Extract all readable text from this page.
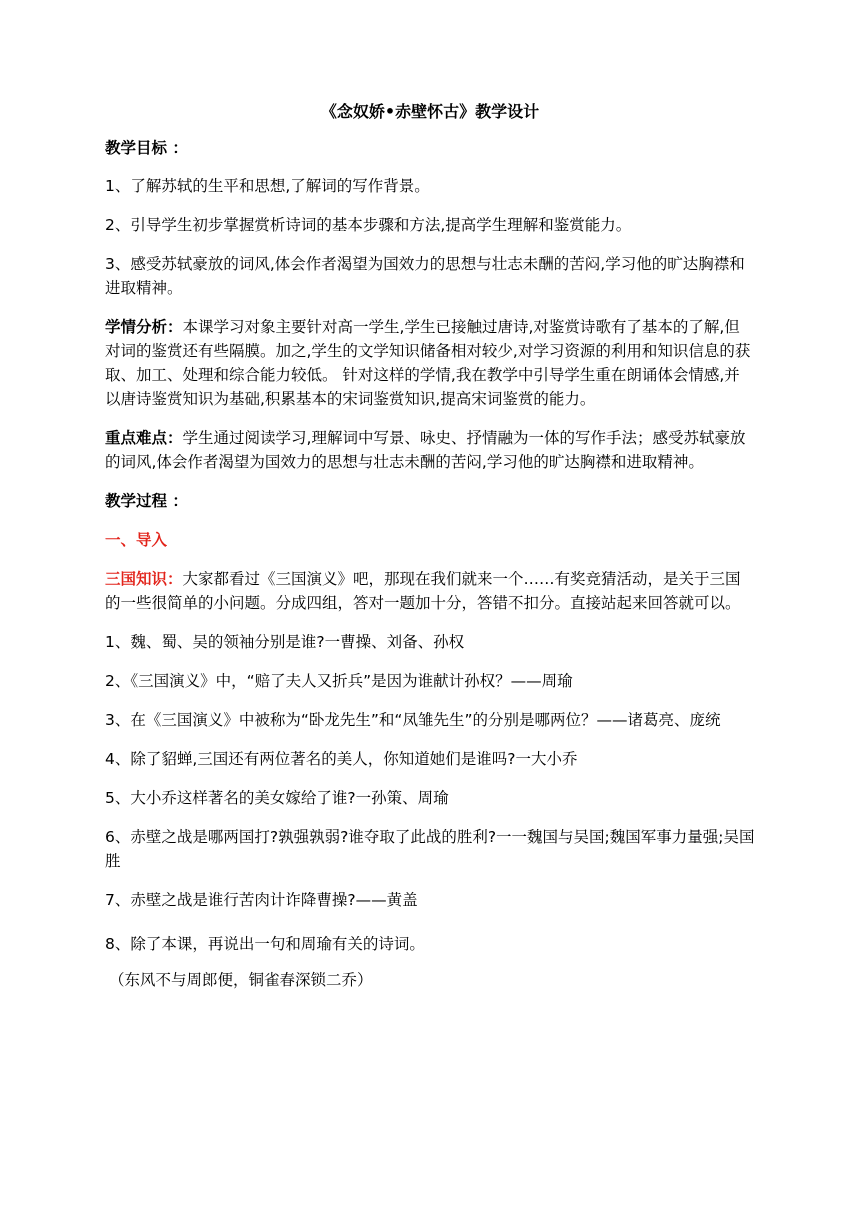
《念奴娇•赤壁怀古》教学设计

教学目标 ：

1、了解苏轼的生平和思想,了解词的写作背景。

2、引导学生初步掌握赏析诗词的基本步骤和方法,提高学生理解和鉴赏能力。

3、感受苏轼豪放的词风,体会作者渴望为国效力的思想与壮志未酬的苦闷,学习他的旷达胸襟和进取精神。

学情分析：本课学习对象主要针对高一学生,学生已接触过唐诗,对鉴赏诗歌有了基本的了解,但对词的鉴赏还有些隔膜。加之,学生的文学知识储备相对较少,对学习资源的利用和知识信息的获取、加工、处理和综合能力较低。 针对这样的学情,我在教学中引导学生重在朗诵体会情感,并以唐诗鉴赏知识为基础,积累基本的宋词鉴赏知识,提高宋词鉴赏的能力。

重点难点：学生通过阅读学习,理解词中写景、咏史、抒情融为一体的写作手法；感受苏轼豪放的词风,体会作者渴望为国效力的思想与壮志未酬的苦闷,学习他的旷达胸襟和进取精神。

教学过程 ：

一、导入

三国知识：大家都看过《三国演义》吧，那现在我们就来一个……有奖竞猜活动，是关于三国的一些很简单的小问题。分成四组，答对一题加十分，答错不扣分。直接站起来回答就可以。

1、魏、蜀、吴的领袖分别是谁?一曹操、刘备、孙权

2、《三国演义》中，“赔了夫人又折兵”是因为谁献计孙权？——周瑜

3、在《三国演义》中被称为“卧龙先生”和“凤雏先生”的分别是哪两位？——诸葛亮、庞统

4、除了貂蝉,三国还有两位著名的美人，你知道她们是谁吗?一大小乔

5、大小乔这样著名的美女嫁给了谁?一孙策、周瑜

6、赤壁之战是哪两国打?孰强孰弱?谁夺取了此战的胜利?一一魏国与吴国;魏国军事力量强;吴国胜

7、赤壁之战是谁行苦肉计诈降曹操?——黄盖

8、除了本课，再说出一句和周瑜有关的诗词。

（东风不与周郎便，铜雀春深锁二乔）
